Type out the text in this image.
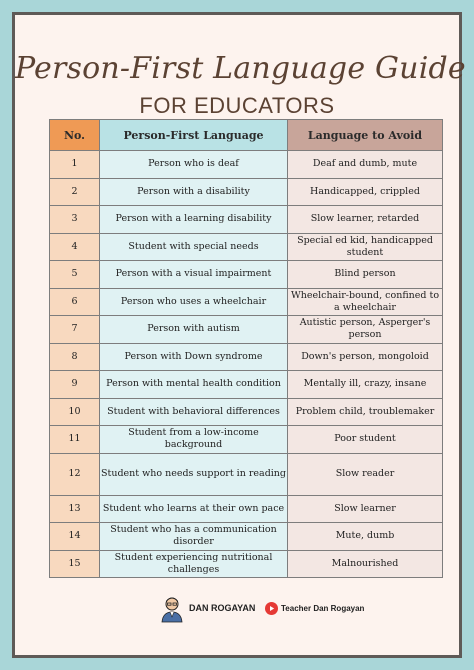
Person-First Language Guide
FOR EDUCATORS
No.	Person-First Language	Language to Avoid
1	Person who is deaf	Deaf and dumb, mute
2	Person with a disability	Handicapped, crippled
3	Person with a learning disability	Slow learner, retarded
4	Student with special needs	Special ed kid, handicapped student
5	Person with a visual impairment	Blind person
6	Person who uses a wheelchair	Wheelchair-bound, confined to a wheelchair
7	Person with autism	Autistic person, Asperger's person
8	Person with Down syndrome	Down's person, mongoloid
9	Person with mental health condition	Mentally ill, crazy, insane
10	Student with behavioral differences	Problem child, troublemaker
11	Student from a low-income background	Poor student
12	Student who needs support in reading	Slow reader
13	Student who learns at their own pace	Slow learner
14	Student who has a communication disorder	Mute, dumb
15	Student experiencing nutritional challenges	Malnourished
DAN ROGAYAN	Teacher Dan Rogayan
